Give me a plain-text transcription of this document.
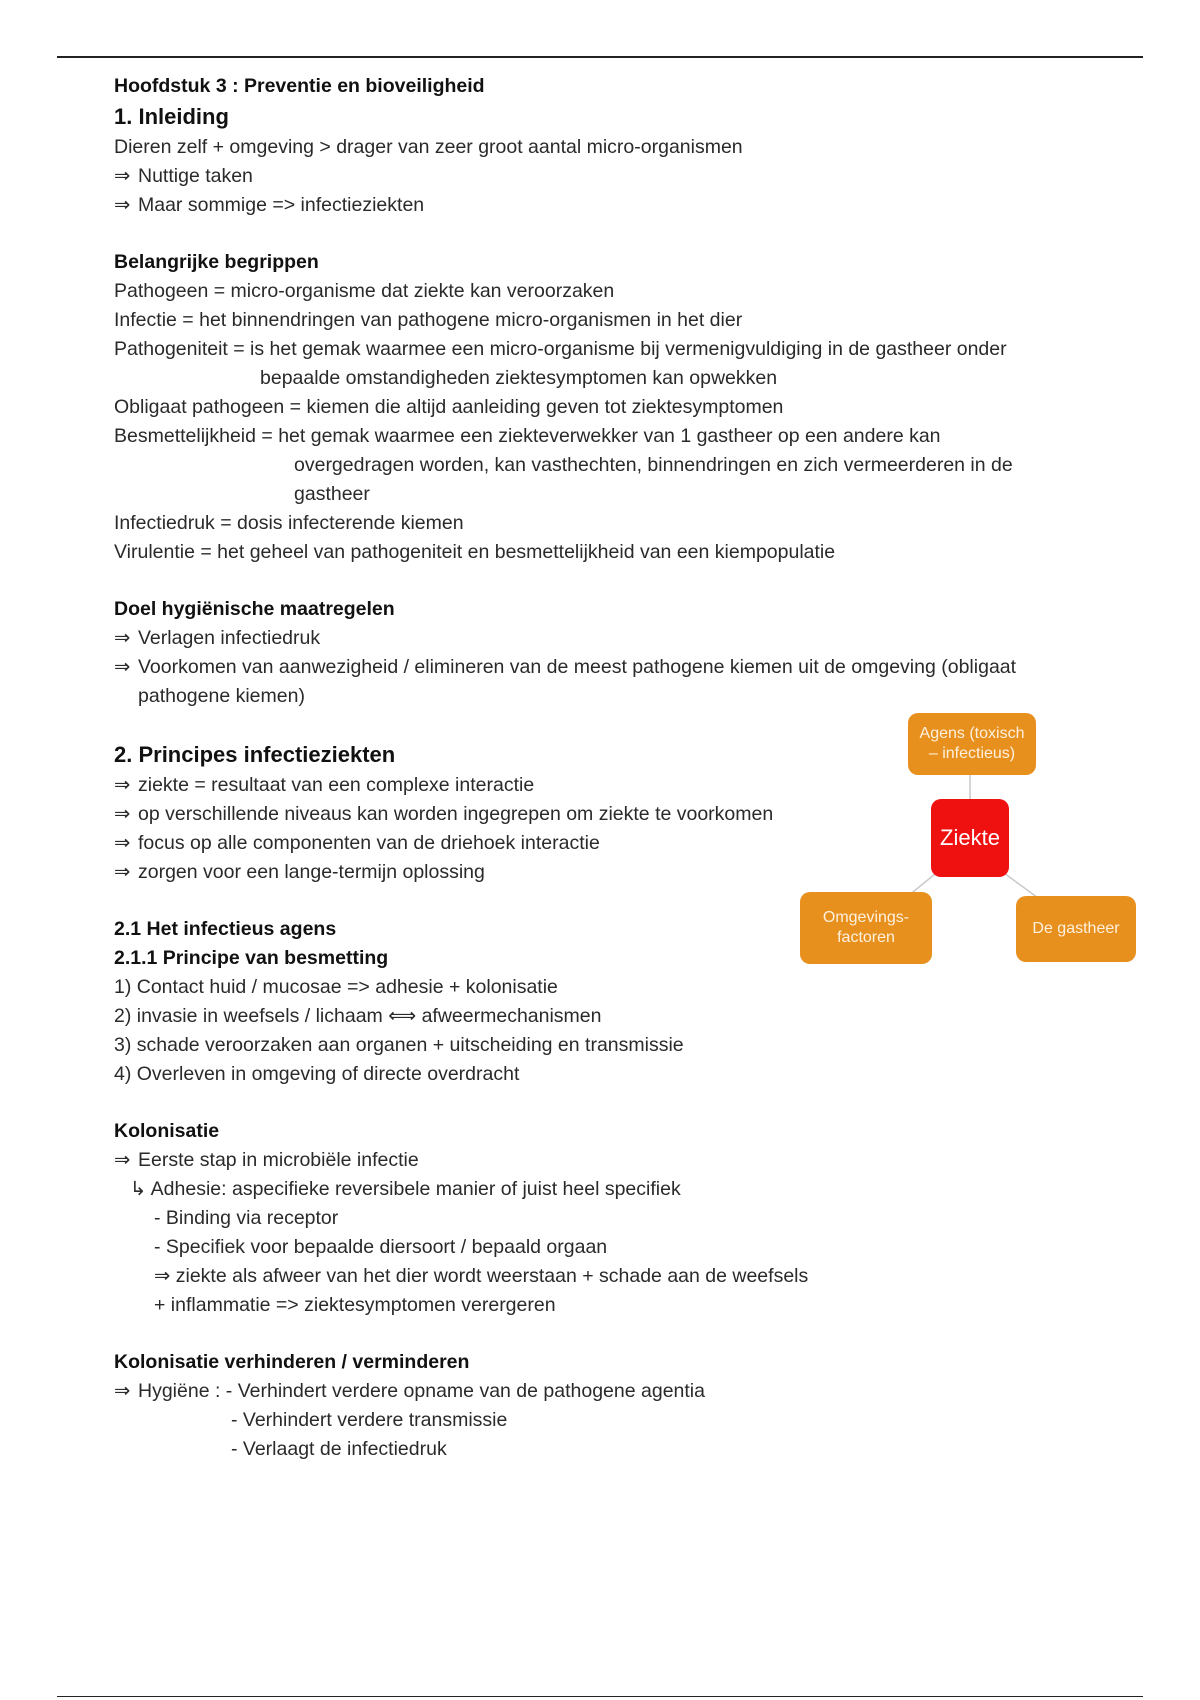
Hoofdstuk 3 : Preventie en bioveiligheid
1. Inleiding
Dieren zelf + omgeving > drager van zeer groot aantal micro-organismen
⇒ Nuttige taken
⇒ Maar sommige => infectieziekten
Belangrijke begrippen
Pathogeen = micro-organisme dat ziekte kan veroorzaken
Infectie = het binnendringen van pathogene micro-organismen in het dier
Pathogeniteit = is het gemak waarmee een micro-organisme bij vermenigvuldiging in de gastheer onder
bepaalde omstandigheden ziektesymptomen kan opwekken
Obligaat pathogeen = kiemen die altijd aanleiding geven tot ziektesymptomen
Besmettelijkheid = het gemak waarmee een ziekteverwekker van 1 gastheer op een andere kan
overgedragen worden, kan vasthechten, binnendringen en zich vermeerderen in de
gastheer
Infectiedruk = dosis infecterende kiemen
Virulentie = het geheel van pathogeniteit en besmettelijkheid van een kiempopulatie
Doel hygiënische maatregelen
⇒ Verlagen infectiedruk
⇒ Voorkomen van aanwezigheid / elimineren van de meest pathogene kiemen uit de omgeving (obligaat
pathogene kiemen)
2. Principes infectieziekten
⇒ ziekte = resultaat van een complexe interactie
⇒ op verschillende niveaus kan worden ingegrepen om ziekte te voorkomen
⇒ focus op alle componenten van de driehoek interactie
⇒ zorgen voor een lange-termijn oplossing
2.1 Het infectieus agens
2.1.1 Principe van besmetting
1) Contact huid / mucosae => adhesie + kolonisatie
2) invasie in weefsels / lichaam ⟺ afweermechanismen
3) schade veroorzaken aan organen + uitscheiding en transmissie
4) Overleven in omgeving of directe overdracht
Kolonisatie
⇒ Eerste stap in microbiële infectie
↳ Adhesie: aspecifieke reversibele manier of juist heel specifiek
- Binding via receptor
- Specifiek voor bepaalde diersoort / bepaald orgaan
⇒ ziekte als afweer van het dier wordt weerstaan + schade aan de weefsels
+ inflammatie => ziektesymptomen verergeren
Kolonisatie verhinderen / verminderen
⇒ Hygiëne : - Verhindert verdere opname van de pathogene agentia
- Verhindert verdere transmissie
- Verlaagt de infectiedruk
Agens (toxisch
– infectieus)
Ziekte
Omgevings-
factoren
De gastheer
